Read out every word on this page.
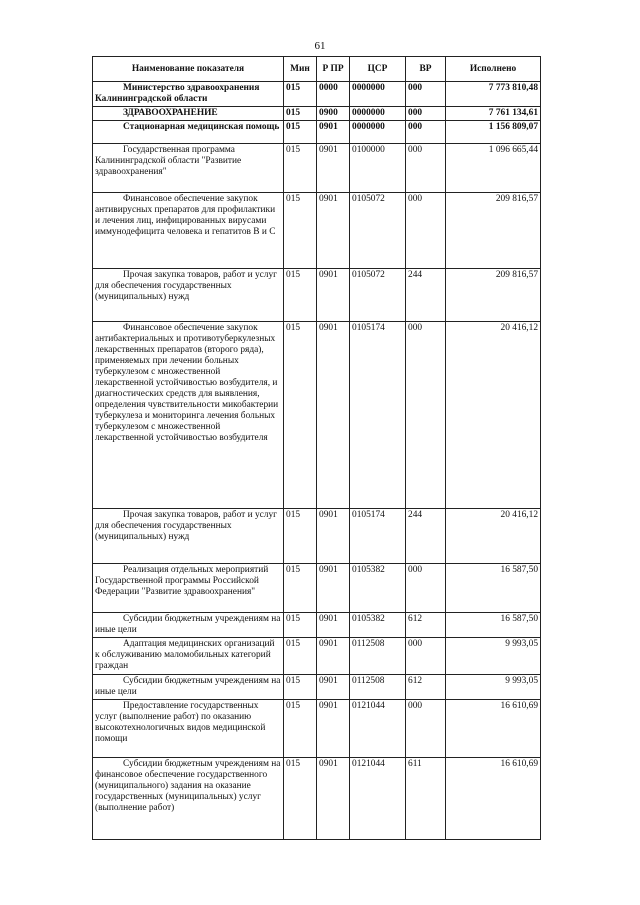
61
Наименование показателя	Мин	Р ПР	ЦСР	ВР	Исполнено
Министерство здравоохранения Калининградской области	015	0000	0000000	000	7 773 810,48
ЗДРАВООХРАНЕНИЕ	015	0900	0000000	000	7 761 134,61
Стационарная медицинская помощь	015	0901	0000000	000	1 156 809,07
Государственная программа Калининградской области "Развитие здравоохранения"	015	0901	0100000	000	1 096 665,44
Финансовое обеспечение закупок антивирусных препаратов для профилактики и лечения лиц, инфицированных вирусами иммунодефицита человека и гепатитов В и С	015	0901	0105072	000	209 816,57
Прочая закупка товаров, работ и услуг для обеспечения государственных (муниципальных) нужд	015	0901	0105072	244	209 816,57
Финансовое обеспечение закупок антибактериальных и противотуберкулезных лекарственных препаратов (второго ряда), применяемых при лечении больных туберкулезом с множественной лекарственной устойчивостью возбудителя, и диагностических средств для выявления, определения чувствительности микобактерии туберкулеза и мониторинга лечения больных туберкулезом с множественной лекарственной устойчивостью возбудителя	015	0901	0105174	000	20 416,12
Прочая закупка товаров, работ и услуг для обеспечения государственных (муниципальных) нужд	015	0901	0105174	244	20 416,12
Реализация отдельных мероприятий Государственной программы Российской Федерации "Развитие здравоохранения"	015	0901	0105382	000	16 587,50
Субсидии бюджетным учреждениям на иные цели	015	0901	0105382	612	16 587,50
Адаптация медицинских организаций к обслуживанию маломобильных категорий граждан	015	0901	0112508	000	9 993,05
Субсидии бюджетным учреждениям на иные цели	015	0901	0112508	612	9 993,05
Предоставление государственных услуг (выполнение работ) по оказанию высокотехнологичных видов медицинской помощи	015	0901	0121044	000	16 610,69
Субсидии бюджетным учреждениям на финансовое обеспечение государственного (муниципального) задания на оказание государственных (муниципальных) услуг (выполнение работ)	015	0901	0121044	611	16 610,69
